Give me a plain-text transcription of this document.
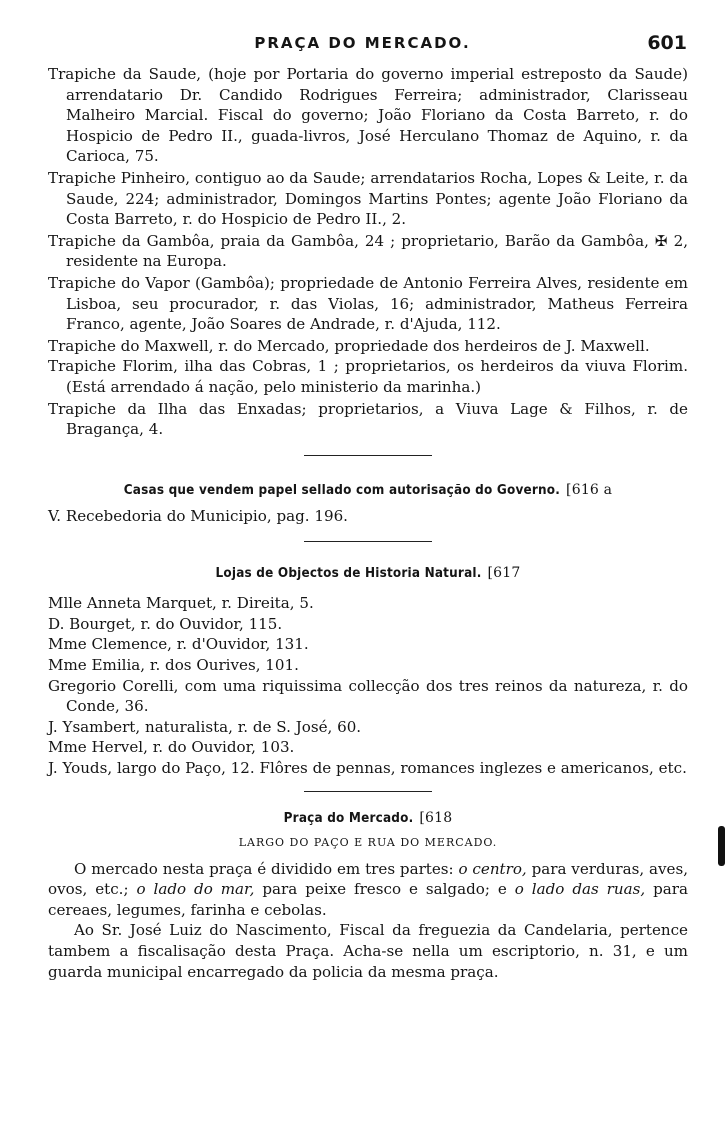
PRAÇA DO MERCADO.	601

Trapiche da Saude, (hoje por Portaria do governo imperial estreposto da Saude) arrendatario Dr. Candido Rodrigues Ferreira; administrador, Clarisseau Malheiro Marcial. Fiscal do governo; João Floriano da Costa Barreto, r. do Hospicio de Pedro II., guada-livros, José Herculano Thomaz de Aquino, r. da Carioca, 75.

Trapiche Pinheiro, contiguo ao da Saude; arrendatarios Rocha, Lopes & Leite, r. da Saude, 224; administrador, Domingos Martins Pontes; agente João Floriano da Costa Barreto, r. do Hospicio de Pedro II., 2.

Trapiche da Gambôa, praia da Gambôa, 24 ; proprietario, Barão da Gambôa, ✠ 2, residente na Europa.

Trapiche do Vapor (Gambôa); propriedade de Antonio Ferreira Alves, residente em Lisboa, seu procurador, r. das Violas, 16; administrador, Matheus Ferreira Franco, agente, João Soares de Andrade, r. d'Ajuda, 112.

Trapiche do Maxwell, r. do Mercado, propriedade dos herdeiros de J. Maxwell.

Trapiche Florim, ilha das Cobras, 1 ; proprietarios, os herdeiros da viuva Florim. (Está arrendado á nação, pelo ministerio da marinha.)

Trapiche da Ilha das Enxadas; proprietarios, a Viuva Lage & Filhos, r. de Bragança, 4.

Casas que vendem papel sellado com autorisação do Governo. [616 a

V. Recebedoria do Municipio, pag. 196.

Lojas de Objectos de Historia Natural. [617

Mlle Anneta Marquet, r. Direita, 5.

D. Bourget, r. do Ouvidor, 115.

Mme Clemence, r. d'Ouvidor, 131.

Mme Emilia, r. dos Ourives, 101.

Gregorio Corelli, com uma riquissima collecção dos tres reinos da natureza, r. do Conde, 36.

J. Ysambert, naturalista, r. de S. José, 60.

Mme Hervel, r. do Ouvidor, 103.

J. Youds, largo do Paço, 12. Flôres de pennas, romances inglezes e americanos, etc.

Praça do Mercado. [618
LARGO DO PAÇO E RUA DO MERCADO.

O mercado nesta praça é dividido em tres partes: o centro, para verduras, aves, ovos, etc.; o lado do mar, para peixe fresco e salgado; e o lado das ruas, para cereaes, legumes, farinha e cebolas.

Ao Sr. José Luiz do Nascimento, Fiscal da freguezia da Candelaria, pertence tambem a fiscalisação desta Praça. Acha-se nella um escriptorio, n. 31, e um guarda municipal encarregado da policia da mesma praça.
